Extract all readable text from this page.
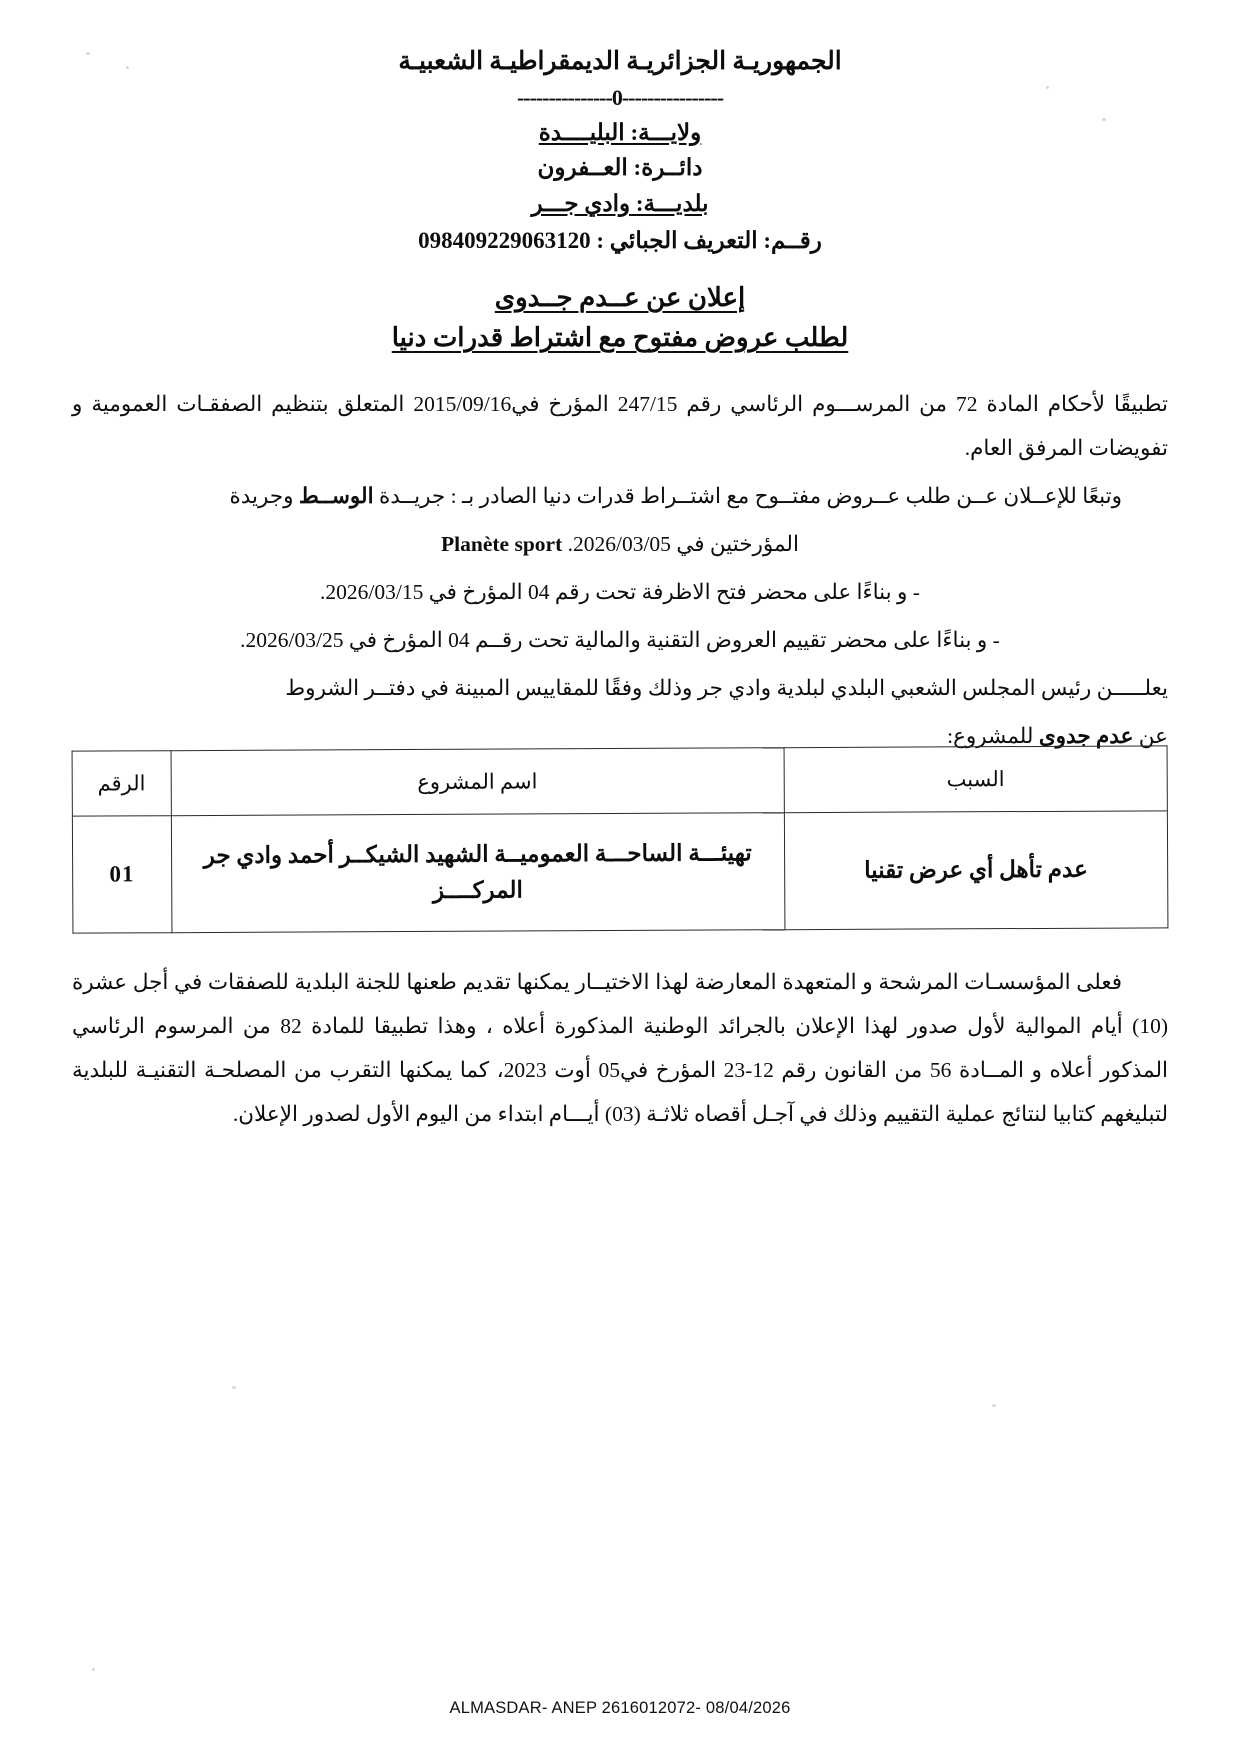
الجمهوريـة الجزائريـة الديمقراطيـة الشعبيـة
----------------0---------------
ولايـــة: البليــــدة
دائــرة: العــفرون
بلديـــة: وادي جـــر
رقــم: التعريف الجبائي : 098409229063120
إعلان عن عــدم جــدوى
لطلب عروض مفتوح مع اشتراط قدرات دنيا

تطبيقًا لأحكام المادة 72 من المرســـوم الرئاسي رقم 247/15 المؤرخ في2015/09/16 المتعلق بتنظيم الصفقـات العمومية و تفويضات المرفق العام.

وتبعًا للإعــلان عــن طلب عــروض مفتــوح مع اشتــراط قدرات دنيا الصادر بـ : جريــدة الوســط وجريدة

المؤرختين في 2026/03/05. Planète sport

- و بناءًا على محضر فتح الاظرفة تحت رقم 04 المؤرخ في 2026/03/15.

- و بناءًا على محضر تقييم العروض التقنية والمالية تحت رقــم 04 المؤرخ في 2026/03/25.

يعلـــــن رئيس المجلس الشعبي البلدي لبلدية وادي جر وذلك وفقًا للمقاييس المبينة في دفتــر الشروط

عن عدم جدوى للمشروع:

السبب	اسم المشروع	الرقم
عدم تأهل أي عرض تقنيا	تهيئـــة الساحـــة العموميــة الشهيد الشيكــر أحمد وادي جر المركــــز	01

فعلى المؤسسـات المرشحة و المتعهدة المعارضة لهذا الاختيــار يمكنها تقديم طعنها للجنة البلدية للصفقات في أجل عشرة (10) أيام الموالية لأول صدور لهذا الإعلان بالجرائد الوطنية المذكورة أعلاه ، وهذا تطبيقا للمادة 82 من المرسوم الرئاسي المذكور أعلاه و المــادة 56 من القانون رقم 12-23 المؤرخ في05 أوت 2023، كما يمكنها التقرب من المصلحـة التقنيـة للبلدية لتبليغهم كتابيا لنتائج عملية التقييم وذلك في آجـل أقصاه ثلاثـة (03) أيـــام ابتداء من اليوم الأول لصدور الإعلان.

ALMASDAR- ANEP 2616012072- 08/04/2026
